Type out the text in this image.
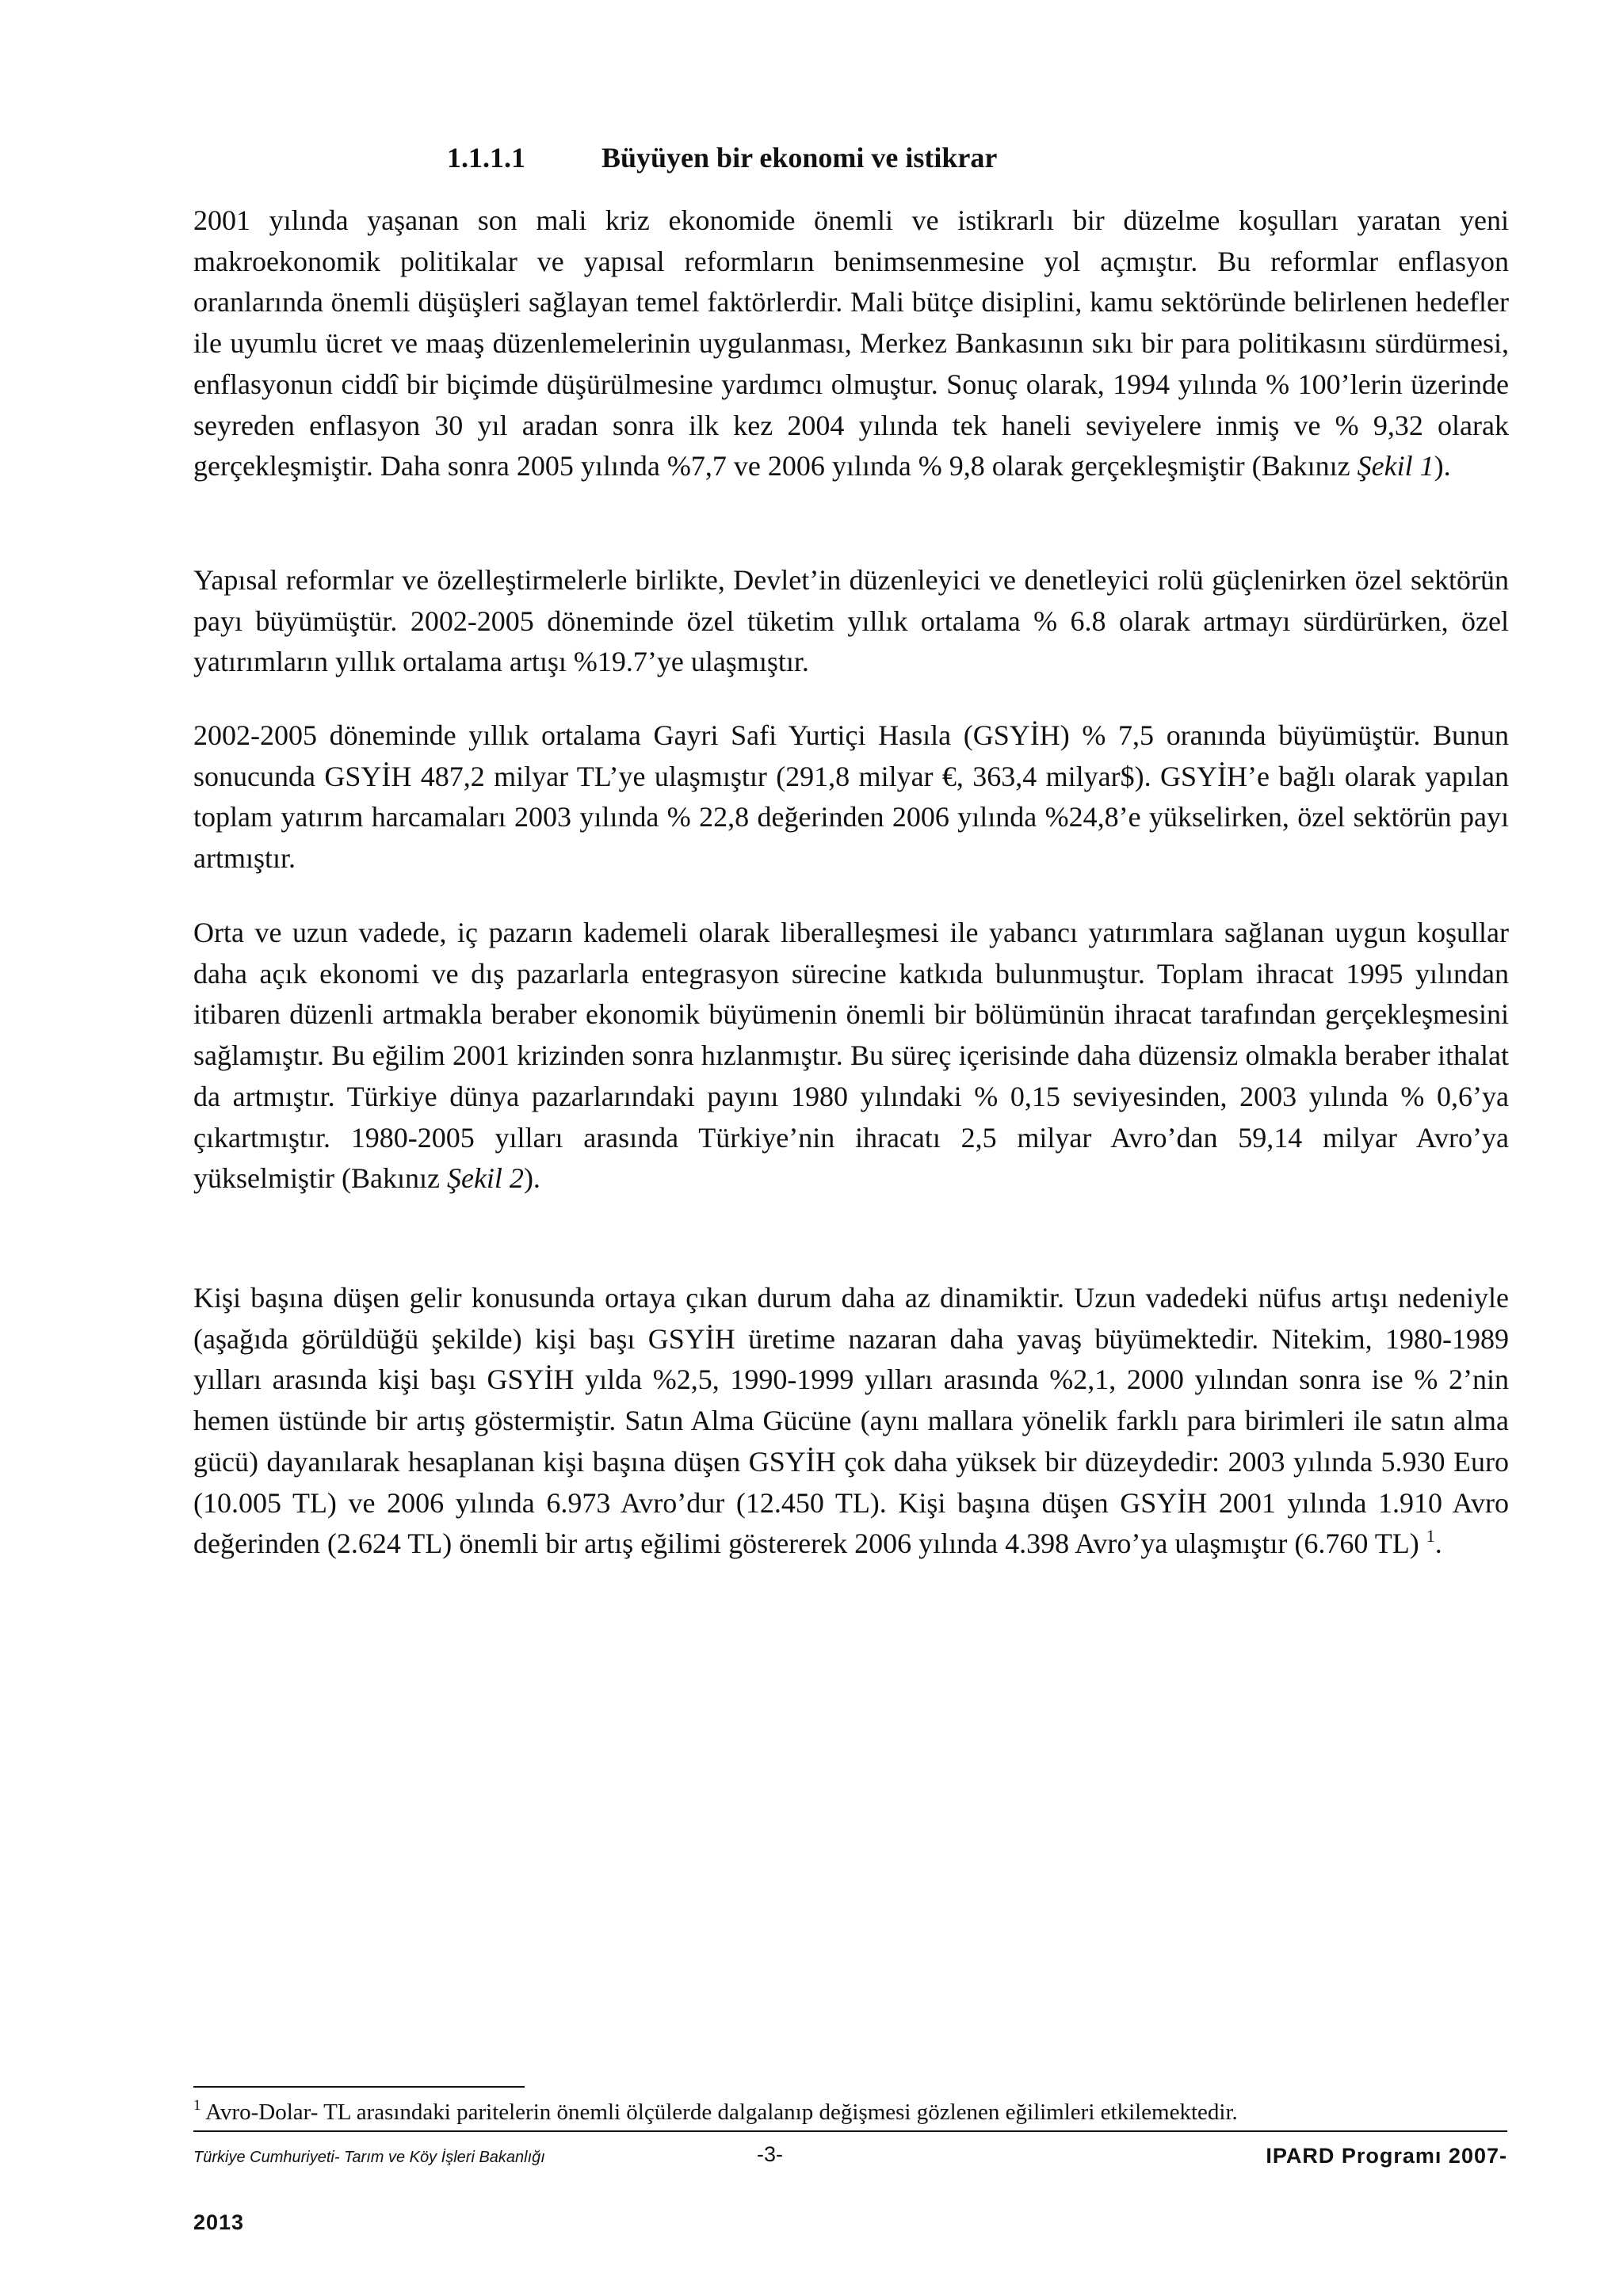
1.1.1.1	Büyüyen bir ekonomi ve istikrar

2001 yılında yaşanan son mali kriz ekonomide önemli ve istikrarlı bir düzelme koşulları yaratan yeni makroekonomik politikalar ve yapısal reformların benimsenmesine yol açmıştır. Bu reformlar enflasyon oranlarında önemli düşüşleri sağlayan temel faktörlerdir. Mali bütçe disiplini, kamu sektöründe belirlenen hedefler ile uyumlu ücret ve maaş düzenlemelerinin uygulanması, Merkez Bankasının sıkı bir para politikasını sürdürmesi, enflasyonun ciddî bir biçimde düşürülmesine yardımcı olmuştur. Sonuç olarak, 1994 yılında % 100’lerin üzerinde seyreden enflasyon 30 yıl aradan sonra ilk kez 2004 yılında tek haneli seviyelere inmiş ve % 9,32 olarak gerçekleşmiştir. Daha sonra 2005 yılında %7,7 ve 2006 yılında % 9,8 olarak gerçekleşmiştir (Bakınız Şekil 1).

Yapısal reformlar ve özelleştirmelerle birlikte, Devlet’in düzenleyici ve denetleyici rolü güçlenirken özel sektörün payı büyümüştür. 2002-2005 döneminde özel tüketim yıllık ortalama % 6.8 olarak artmayı sürdürürken, özel yatırımların yıllık ortalama artışı %19.7’ye ulaşmıştır.

2002-2005 döneminde yıllık ortalama Gayri Safi Yurtiçi Hasıla (GSYİH) % 7,5 oranında büyümüştür. Bunun sonucunda GSYİH 487,2 milyar TL’ye ulaşmıştır (291,8 milyar €, 363,4 milyar$). GSYİH’e bağlı olarak yapılan toplam yatırım harcamaları 2003 yılında % 22,8 değerinden 2006 yılında %24,8’e yükselirken, özel sektörün payı artmıştır.

Orta ve uzun vadede, iç pazarın kademeli olarak liberalleşmesi ile yabancı yatırımlara sağlanan uygun koşullar daha açık ekonomi ve dış pazarlarla entegrasyon sürecine katkıda bulunmuştur. Toplam ihracat 1995 yılından itibaren düzenli artmakla beraber ekonomik büyümenin önemli bir bölümünün ihracat tarafından gerçekleşmesini sağlamıştır. Bu eğilim 2001 krizinden sonra hızlanmıştır. Bu süreç içerisinde daha düzensiz olmakla beraber ithalat da artmıştır. Türkiye dünya pazarlarındaki payını 1980 yılındaki % 0,15 seviyesinden, 2003 yılında % 0,6’ya çıkartmıştır. 1980-2005 yılları arasında Türkiye’nin ihracatı 2,5 milyar Avro’dan 59,14 milyar Avro’ya yükselmiştir (Bakınız Şekil 2).

Kişi başına düşen gelir konusunda ortaya çıkan durum daha az dinamiktir. Uzun vadedeki nüfus artışı nedeniyle (aşağıda görüldüğü şekilde) kişi başı GSYİH üretime nazaran daha yavaş büyümektedir. Nitekim, 1980-1989 yılları arasında kişi başı GSYİH yılda %2,5, 1990-1999 yılları arasında %2,1, 2000 yılından sonra ise % 2’nin hemen üstünde bir artış göstermiştir. Satın Alma Gücüne (aynı mallara yönelik farklı para birimleri ile satın alma gücü) dayanılarak hesaplanan kişi başına düşen GSYİH çok daha yüksek bir düzeydedir: 2003 yılında 5.930 Euro (10.005 TL) ve 2006 yılında 6.973 Avro’dur (12.450 TL). Kişi başına düşen GSYİH 2001 yılında 1.910 Avro değerinden (2.624 TL) önemli bir artış eğilimi göstererek 2006 yılında 4.398 Avro’ya ulaşmıştır (6.760 TL) $^1$.

$^1$ Avro-Dolar- TL arasındaki paritelerin önemli ölçülerde dalgalanıp değişmesi gözlenen eğilimleri etkilemektedir.
Türkiye Cumhuriyeti- Tarım ve Köy İşleri Bakanlığı	-3-	IPARD Programı 2007-
2013
